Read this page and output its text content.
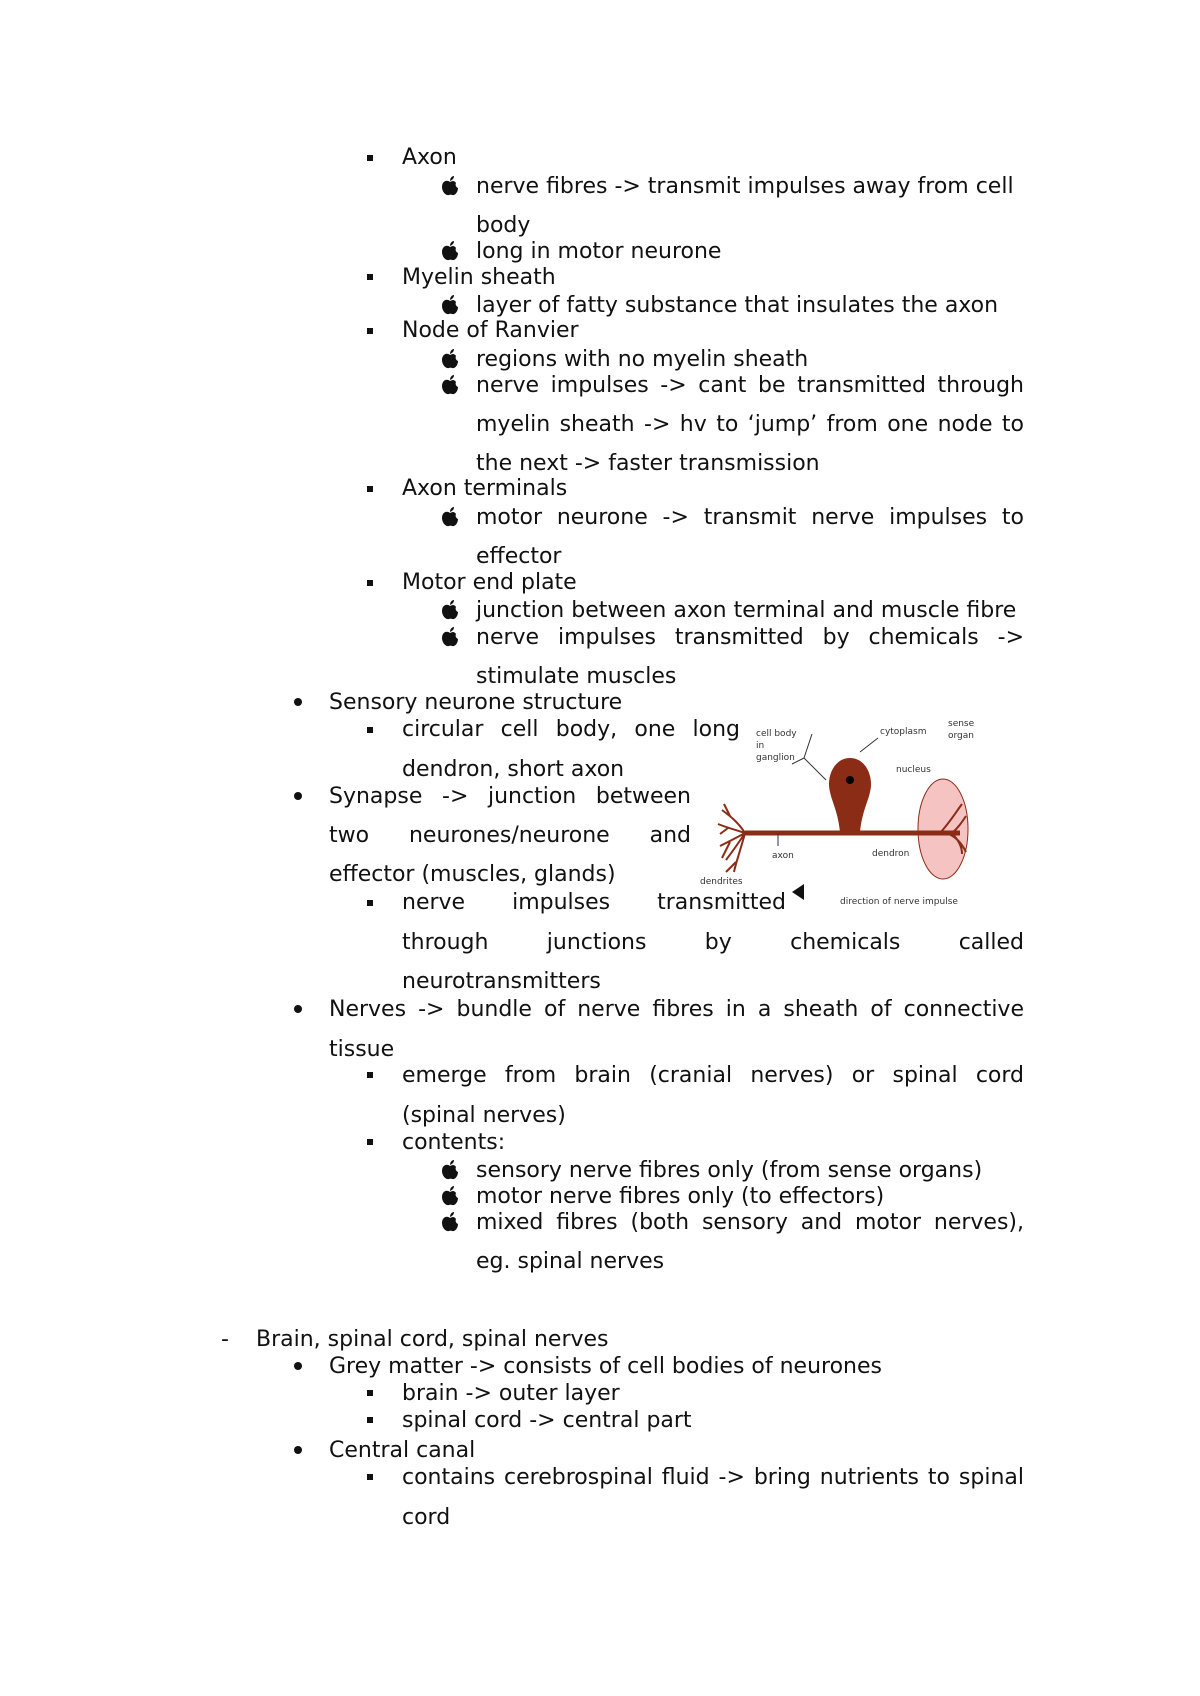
Axon

nerve fibres -> transmit impulses away from cell

body

long in motor neurone

Myelin sheath

layer of fatty substance that insulates the axon

Node of Ranvier

regions with no myelin sheath

nerve impulses -> cant be transmitted through

myelin sheath -> hv to ‘jump’ from one node to

the next -> faster transmission

Axon terminals

motor neurone -> transmit nerve impulses to

effector

Motor end plate

junction between axon terminal and muscle fibre

nerve impulses transmitted by chemicals ->

stimulate muscles

Sensory neurone structure

circular cell body, one long

dendron, short axon

Synapse -> junction between

two neurones/neurone and

effector (muscles, glands)

nerve impulses transmitted

through junctions by chemicals called

neurotransmitters

cell body
in
ganglion
cytoplasm
sense
organ
nucleus
axon	dendron
dendrites
direction of nerve impulse

Nerves -> bundle of nerve fibres in a sheath of connective

tissue

emerge from brain (cranial nerves) or spinal cord

(spinal nerves)

contents:

sensory nerve fibres only (from sense organs)

motor nerve fibres only (to effectors)

mixed fibres (both sensory and motor nerves),

eg. spinal nerves

- Brain, spinal cord, spinal nerves

Grey matter -> consists of cell bodies of neurones

brain -> outer layer

spinal cord -> central part

Central canal

contains cerebrospinal fluid -> bring nutrients to spinal

cord
